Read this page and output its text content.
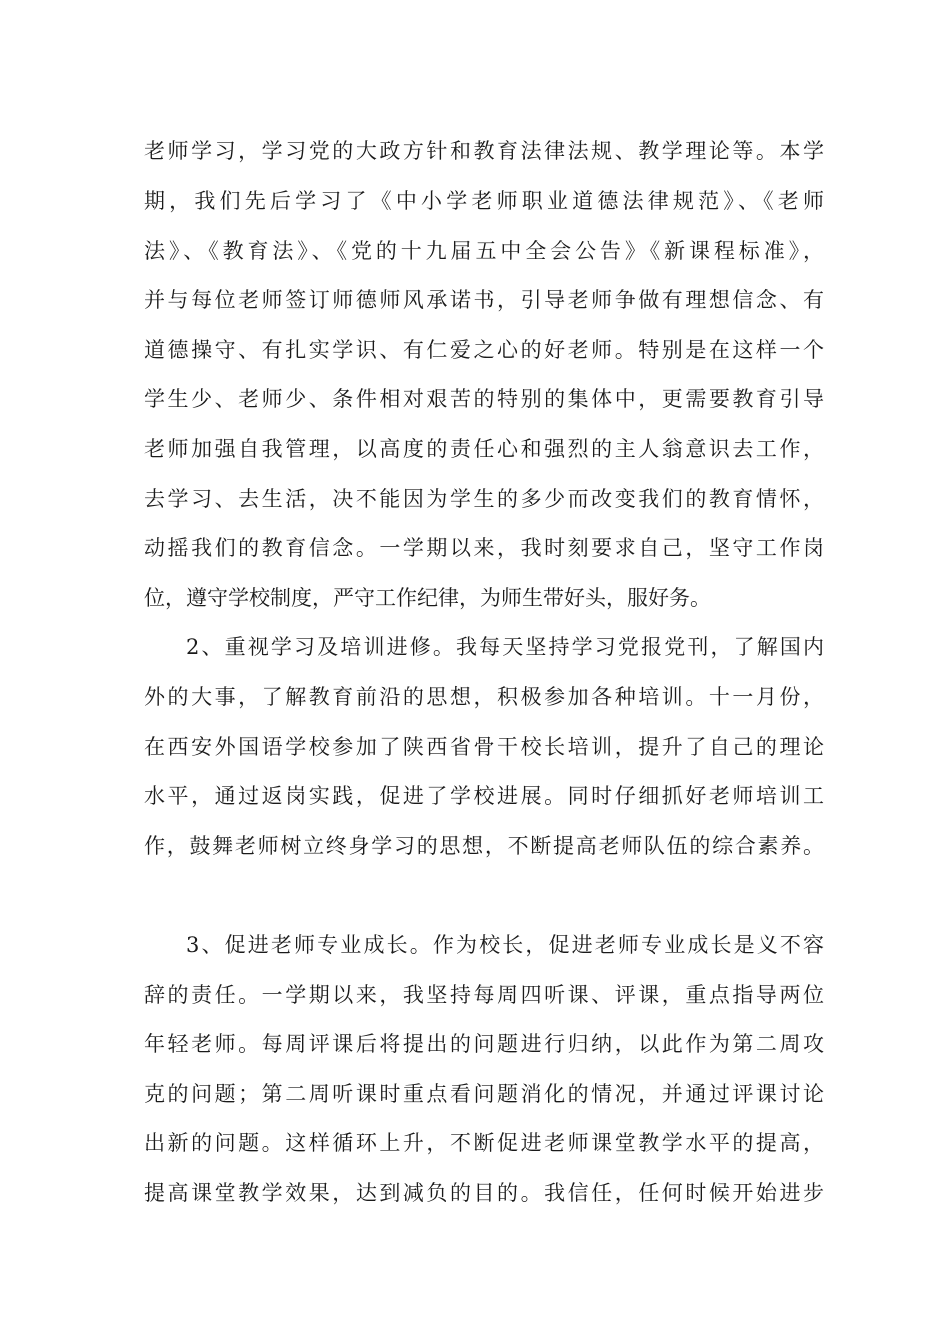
老师学习，学习党的大政方针和教育法律法规、教学理论等。本学
期，我们先后学习了《中小学老师职业道德法律规范》、《老师
法》、《教育法》、《党的十九届五中全会公告》《新课程标准》，
并与每位老师签订师德师风承诺书，引导老师争做有理想信念、有
道德操守、有扎实学识、有仁爱之心的好老师。特别是在这样一个
学生少、老师少、条件相对艰苦的特别的集体中，更需要教育引导
老师加强自我管理，以高度的责任心和强烈的主人翁意识去工作，
去学习、去生活，决不能因为学生的多少而改变我们的教育情怀，
动摇我们的教育信念。一学期以来，我时刻要求自己，坚守工作岗
位，遵守学校制度，严守工作纪律，为师生带好头，服好务。
2、重视学习及培训进修。我每天坚持学习党报党刊，了解国内
外的大事，了解教育前沿的思想，积极参加各种培训。十一月份，
在西安外国语学校参加了陕西省骨干校长培训，提升了自己的理论
水平，通过返岗实践，促进了学校进展。同时仔细抓好老师培训工
作，鼓舞老师树立终身学习的思想，不断提高老师队伍的综合素养。
3、促进老师专业成长。作为校长，促进老师专业成长是义不容
辞的责任。一学期以来，我坚持每周四听课、评课，重点指导两位
年轻老师。每周评课后将提出的问题进行归纳，以此作为第二周攻
克的问题；第二周听课时重点看问题消化的情况，并通过评课讨论
出新的问题。这样循环上升，不断促进老师课堂教学水平的提高，
提高课堂教学效果，达到减负的目的。我信任，任何时候开始进步
